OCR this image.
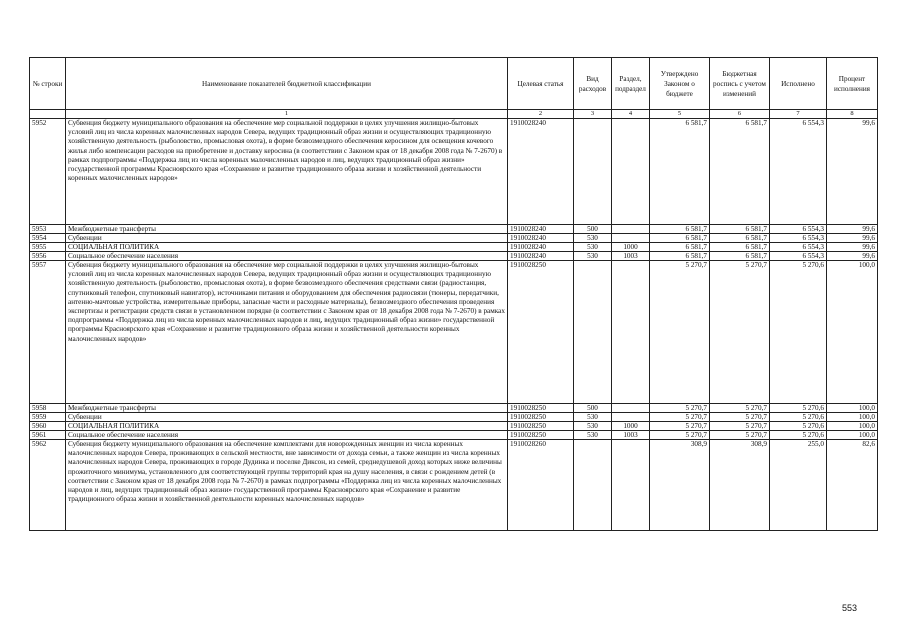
№ строки	Наименование показателей бюджетной классификации	Целевая статья	Вид расходов	Раздел, подраздел	Утверждено Законом о бюджете	Бюджетная роспись с учетом изменений	Исполнено	Процент исполнения
	1	2	3	4	5	6	7	8
5952	Субвенция бюджету муниципального образования на обеспечение мер социальной поддержки в целях улучшения жилищно-бытовых условий лиц из числа коренных малочисленных народов Севера, ведущих традиционный образ жизни и осуществляющих традиционную хозяйственную деятельность (рыболовство, промысловая охота), в форме безвозмездного обеспечения керосином для освещения кочевого жилья либо компенсации расходов на приобретение и доставку керосина (в соответствии с Законом края от 18 декабря 2008 года № 7-2670) в рамках подпрограммы «Поддержка лиц из числа коренных малочисленных народов и лиц, ведущих традиционный образ жизни» государственной программы Красноярского края «Сохранение и развитие традиционного образа жизни и хозяйственной деятельности коренных малочисленных народов»	1910028240			6 581,7	6 581,7	6 554,3	99,6
5953	Межбюджетные трансферты	1910028240	500		6 581,7	6 581,7	6 554,3	99,6
5954	Субвенции	1910028240	530		6 581,7	6 581,7	6 554,3	99,6
5955	СОЦИАЛЬНАЯ ПОЛИТИКА	1910028240	530	1000	6 581,7	6 581,7	6 554,3	99,6
5956	Социальное обеспечение населения	1910028240	530	1003	6 581,7	6 581,7	6 554,3	99,6
5957	Субвенция бюджету муниципального образования на обеспечение мер социальной поддержки в целях улучшения жилищно-бытовых условий лиц из числа коренных малочисленных народов Севера, ведущих традиционный образ жизни и осуществляющих традиционную хозяйственную деятельность (рыболовство, промысловая охота), в форме безвозмездного обеспечения средствами связи (радиостанция, спутниковый телефон, спутниковый навигатор), источниками питания и оборудованием для обеспечения радиосвязи (тюнеры, передатчики, антенно-мачтовые устройства, измерительные приборы, запасные части и расходные материалы), безвозмездного обеспечения проведения экспертизы и регистрации средств связи в установленном порядке (в соответствии с Законом края от 18 декабря 2008 года № 7-2670) в рамках подпрограммы «Поддержка лиц из числа коренных малочисленных народов и лиц, ведущих традиционный образ жизни» государственной программы Красноярского края «Сохранение и развитие традиционного образа жизни и хозяйственной деятельности коренных малочисленных народов»	1910028250			5 270,7	5 270,7	5 270,6	100,0
5958	Межбюджетные трансферты	1910028250	500		5 270,7	5 270,7	5 270,6	100,0
5959	Субвенции	1910028250	530		5 270,7	5 270,7	5 270,6	100,0
5960	СОЦИАЛЬНАЯ ПОЛИТИКА	1910028250	530	1000	5 270,7	5 270,7	5 270,6	100,0
5961	Социальное обеспечение населения	1910028250	530	1003	5 270,7	5 270,7	5 270,6	100,0
5962	Субвенция бюджету муниципального образования на обеспечение комплектами для новорожденных женщин из числа коренных малочисленных народов Севера, проживающих в сельской местности, вне зависимости от дохода семьи, а также женщин из числа коренных малочисленных народов Севера, проживающих в городе Дудинка и поселке Диксон, из семей, среднедушевой доход которых ниже величины прожиточного минимума, установленного для соответствующей группы территорий края на душу населения, в связи с рождением детей (в соответствии с Законом края от 18 декабря 2008 года № 7-2670) в рамках подпрограммы «Поддержка лиц из числа коренных малочисленных народов и лиц, ведущих традиционный образ жизни» государственной программы Красноярского края «Сохранение и развитие традиционного образа жизни и хозяйственной деятельности коренных малочисленных народов»	1910028260			308,9	308,9	255,0	82,6
553
